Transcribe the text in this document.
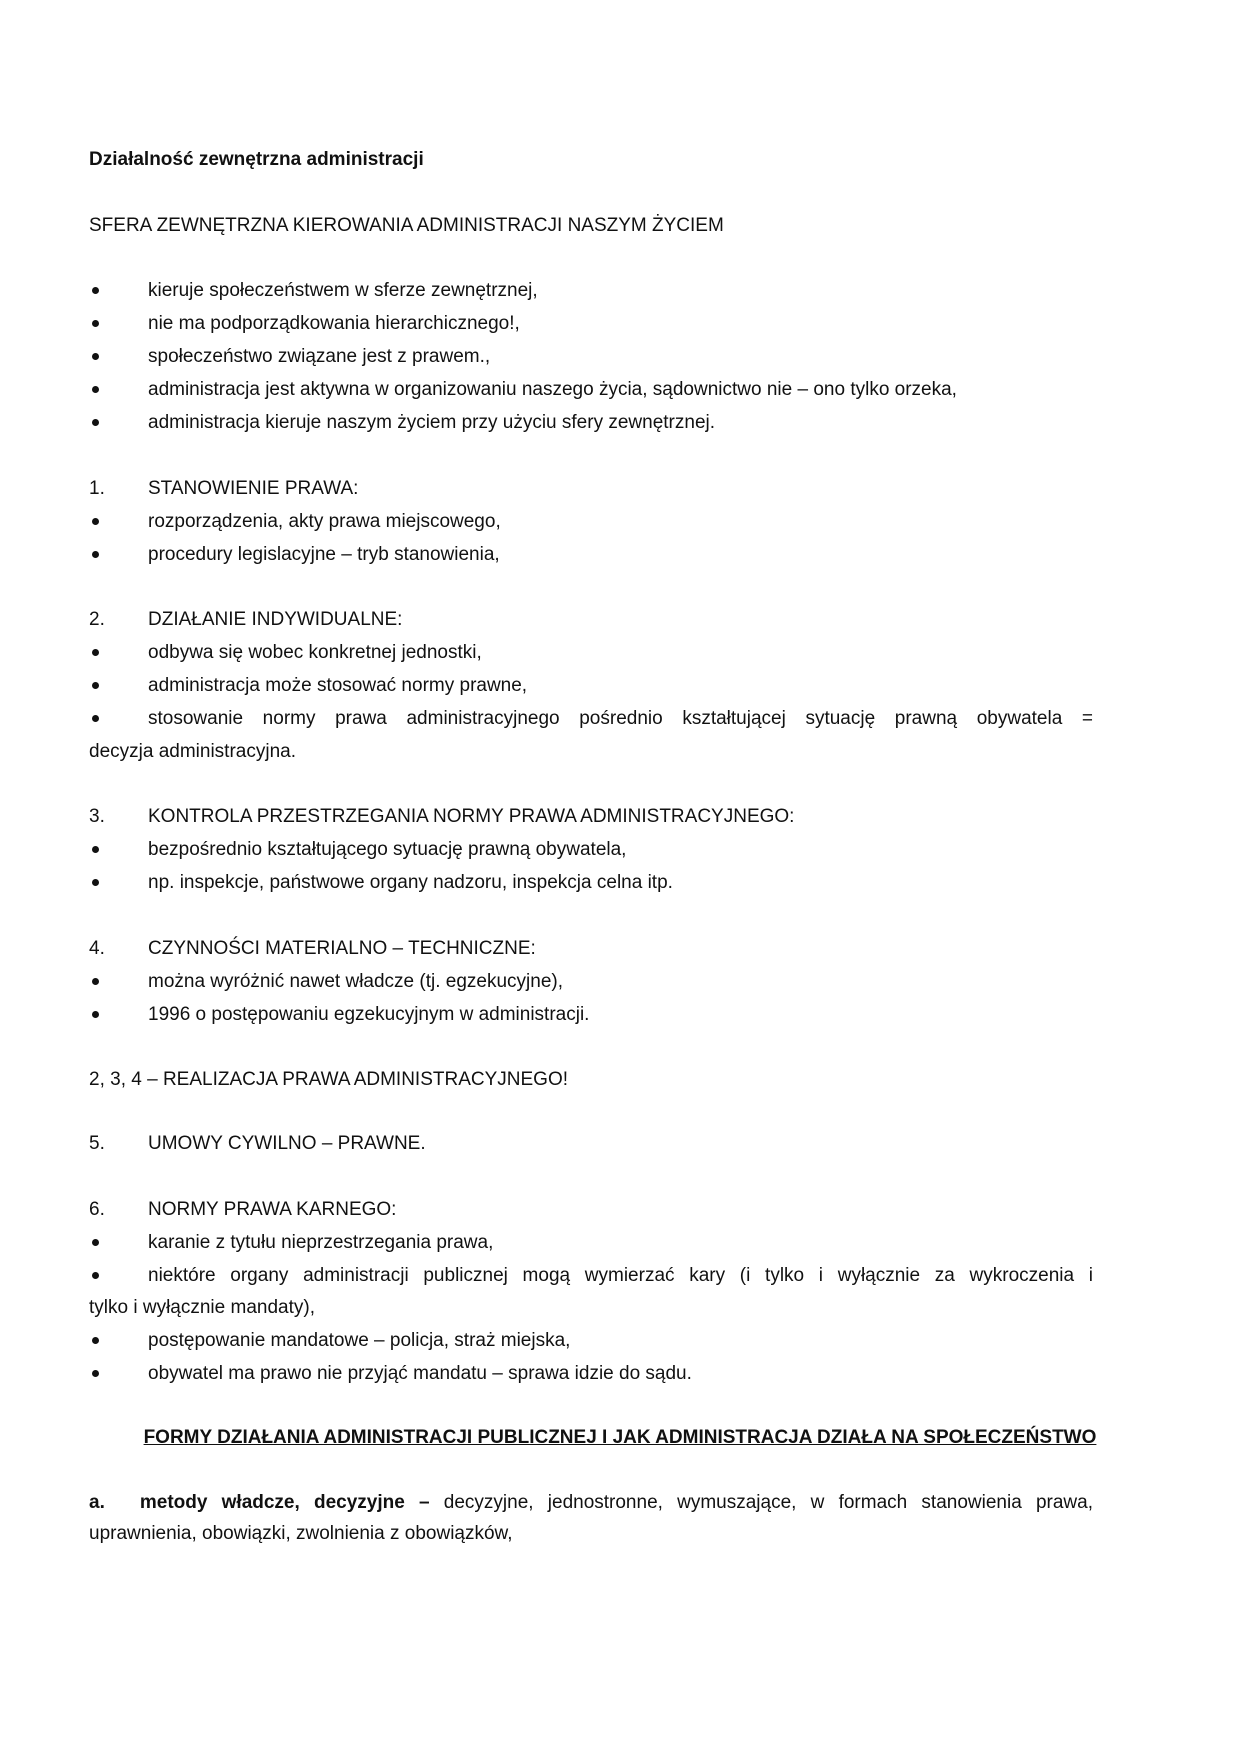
Działalność zewnętrzna administracji
SFERA ZEWNĘTRZNA KIEROWANIA ADMINISTRACJI NASZYM ŻYCIEM
kieruje społeczeństwem w sferze zewnętrznej,
nie ma podporządkowania hierarchicznego!,
społeczeństwo związane jest z prawem.,
administracja jest aktywna w organizowaniu naszego życia, sądownictwo nie – ono tylko orzeka,
administracja kieruje naszym życiem przy użyciu sfery zewnętrznej.
1. STANOWIENIE PRAWA:
rozporządzenia, akty prawa miejscowego,
procedury legislacyjne – tryb stanowienia,
2. DZIAŁANIE INDYWIDUALNE:
odbywa się wobec konkretnej jednostki,
administracja może stosować normy prawne,
stosowanie normy prawa administracyjnego pośrednio kształtującej sytuację prawną obywatela =
decyzja administracyjna.
3. KONTROLA PRZESTRZEGANIA NORMY PRAWA ADMINISTRACYJNEGO:
bezpośrednio kształtującego sytuację prawną obywatela,
np. inspekcje, państwowe organy nadzoru, inspekcja celna itp.
4. CZYNNOŚCI MATERIALNO – TECHNICZNE:
można wyróżnić nawet władcze (tj. egzekucyjne),
1996 o postępowaniu egzekucyjnym w administracji.
2, 3, 4 – REALIZACJA PRAWA ADMINISTRACYJNEGO!
5. UMOWY CYWILNO – PRAWNE.
6. NORMY PRAWA KARNEGO:
karanie z tytułu nieprzestrzegania prawa,
niektóre organy administracji publicznej mogą wymierzać kary (i tylko i wyłącznie za wykroczenia i
tylko i wyłącznie mandaty),
postępowanie mandatowe – policja, straż miejska,
obywatel ma prawo nie przyjąć mandatu – sprawa idzie do sądu.
FORMY DZIAŁANIA ADMINISTRACJI PUBLICZNEJ I JAK ADMINISTRACJA DZIAŁA NA SPOŁECZEŃSTWO
a. metody władcze, decyzyjne – decyzyjne, jednostronne, wymuszające, w formach stanowienia prawa,
uprawnienia, obowiązki, zwolnienia z obowiązków,
